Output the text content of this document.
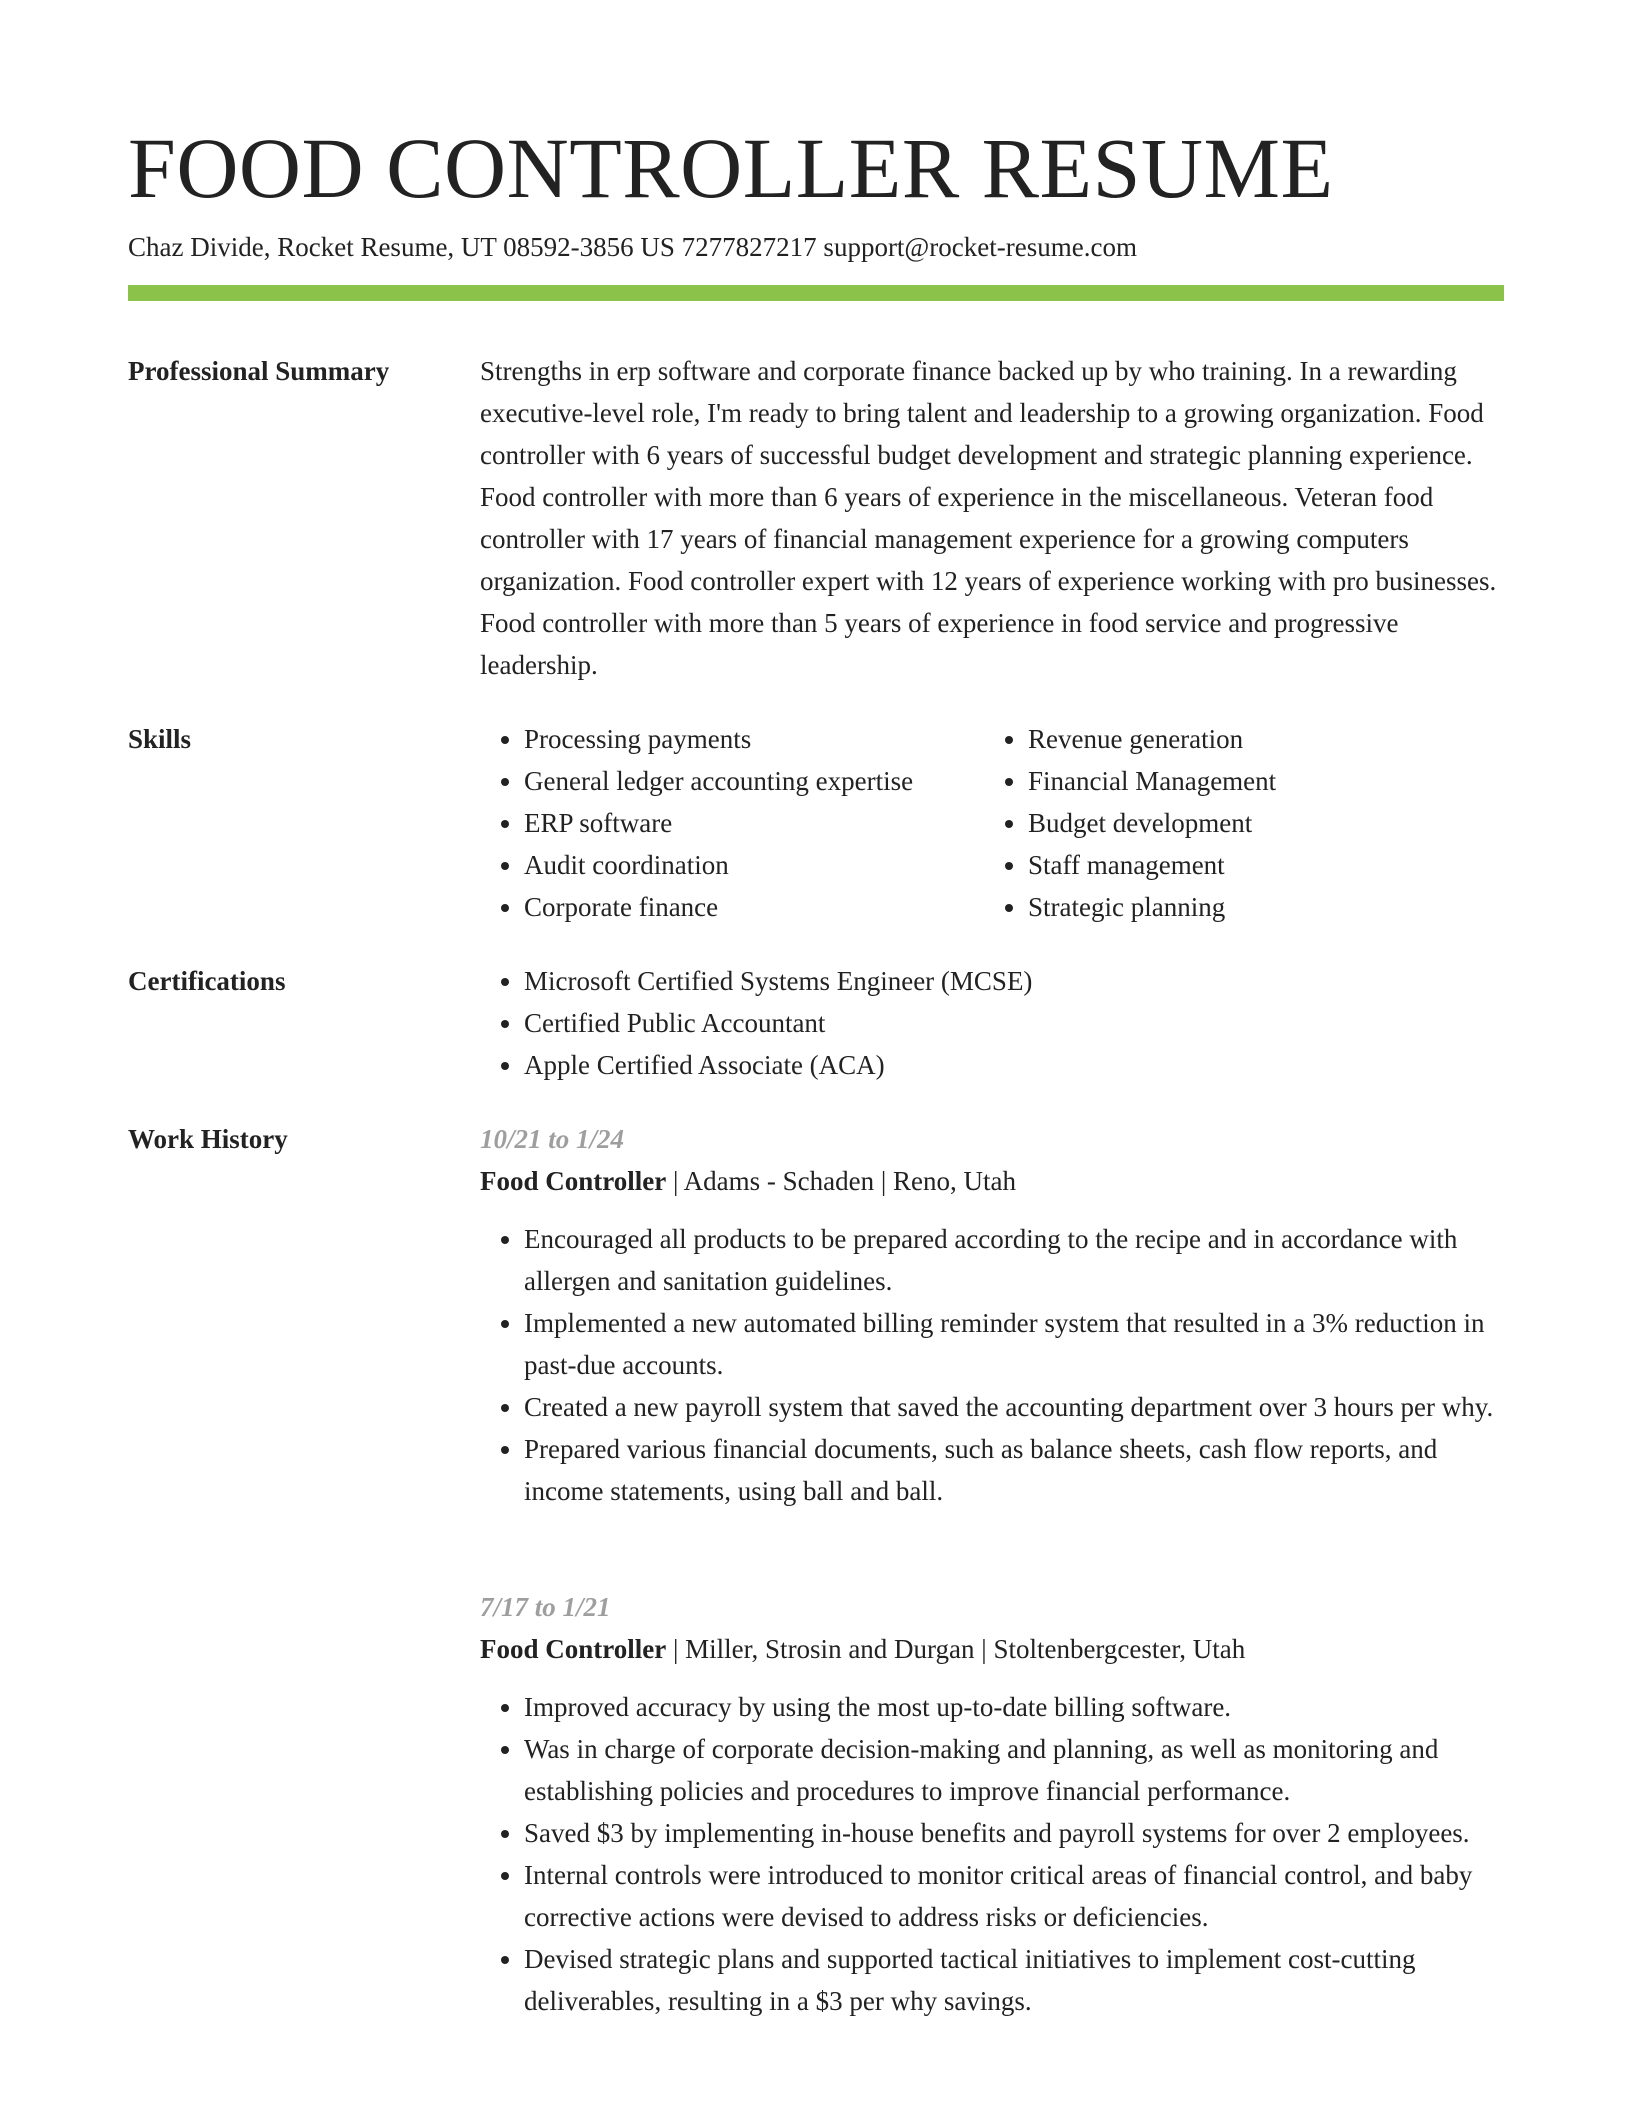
FOOD CONTROLLER RESUME

Chaz Divide, Rocket Resume, UT 08592-3856 US 7277827217 support@rocket-resume.com

Professional Summary	Strengths in erp software and corporate finance backed up by who training. In a rewarding executive-level role, I'm ready to bring talent and leadership to a growing organization. Food controller with 6 years of successful budget development and strategic planning experience. Food controller with more than 6 years of experience in the miscellaneous. Veteran food controller with 17 years of financial management experience for a growing computers organization. Food controller expert with 12 years of experience working with pro businesses. Food controller with more than 5 years of experience in food service and progressive leadership.

Skills	• Processing payments
• General ledger accounting expertise
• ERP software
• Audit coordination
• Corporate finance
• Revenue generation
• Financial Management
• Budget development
• Staff management
• Strategic planning
Certifications	• Microsoft Certified Systems Engineer (MCSE)
• Certified Public Accountant
• Apple Certified Associate (ACA)
Work History	10/21 to 1/24

Food Controller | Adams - Schaden | Reno, Utah

• Encouraged all products to be prepared according to the recipe and in accordance with allergen and sanitation guidelines.
• Implemented a new automated billing reminder system that resulted in a 3% reduction in past-due accounts.
• Created a new payroll system that saved the accounting department over 3 hours per why.
• Prepared various financial documents, such as balance sheets, cash flow reports, and income statements, using ball and ball.

7/17 to 1/21

Food Controller | Miller, Strosin and Durgan | Stoltenbergcester, Utah

• Improved accuracy by using the most up-to-date billing software.
• Was in charge of corporate decision-making and planning, as well as monitoring and establishing policies and procedures to improve financial performance.
• Saved $3 by implementing in-house benefits and payroll systems for over 2 employees.
• Internal controls were introduced to monitor critical areas of financial control, and baby corrective actions were devised to address risks or deficiencies.
• Devised strategic plans and supported tactical initiatives to implement cost-cutting deliverables, resulting in a $3 per why savings.
